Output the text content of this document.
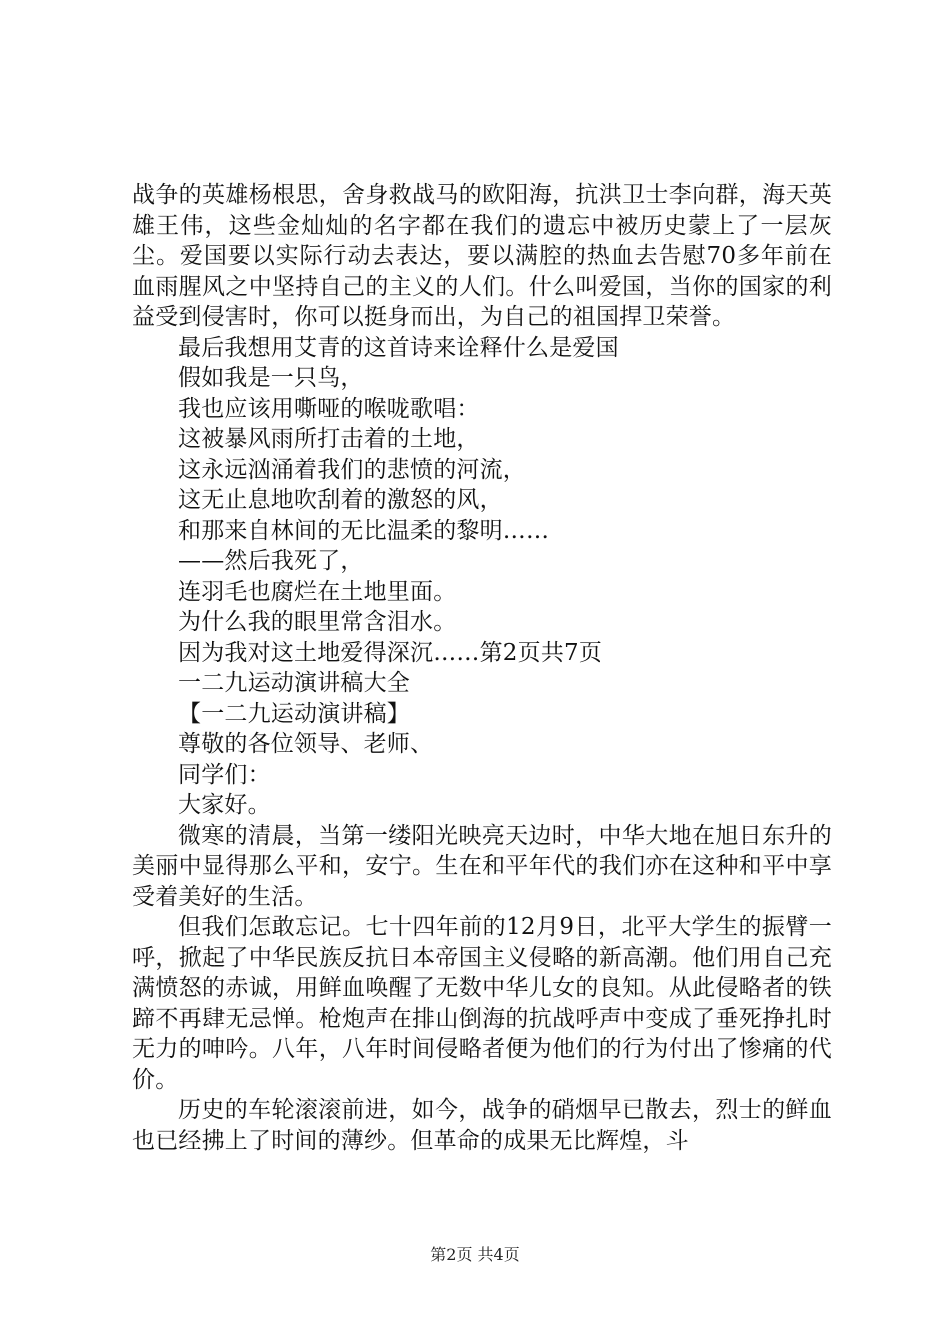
战争的英雄杨根思，舍身救战马的欧阳海，抗洪卫士李向群，海天英雄王伟，这些金灿灿的名字都在我们的遗忘中被历史蒙上了一层灰尘。爱国要以实际行动去表达，要以满腔的热血去告慰70多年前在血雨腥风之中坚持自己的主义的人们。什么叫爱国，当你的国家的利益受到侵害时，你可以挺身而出，为自己的祖国捍卫荣誉。

最后我想用艾青的这首诗来诠释什么是爱国

假如我是一只鸟，

我也应该用嘶哑的喉咙歌唱：

这被暴风雨所打击着的土地，

这永远汹涌着我们的悲愤的河流，

这无止息地吹刮着的激怒的风，

和那来自林间的无比温柔的黎明……

——然后我死了，

连羽毛也腐烂在土地里面。

为什么我的眼里常含泪水。

因为我对这土地爱得深沉……第2页共7页

一二九运动演讲稿大全

【一二九运动演讲稿】

尊敬的各位领导、老师、

同学们：

大家好。

微寒的清晨，当第一缕阳光映亮天边时，中华大地在旭日东升的美丽中显得那么平和，安宁。生在和平年代的我们亦在这种和平中享受着美好的生活。

但我们怎敢忘记。七十四年前的12月9日，北平大学生的振臂一呼，掀起了中华民族反抗日本帝国主义侵略的新高潮。他们用自己充满愤怒的赤诚，用鲜血唤醒了无数中华儿女的良知。从此侵略者的铁蹄不再肆无忌惮。枪炮声在排山倒海的抗战呼声中变成了垂死挣扎时无力的呻吟。八年，八年时间侵略者便为他们的行为付出了惨痛的代价。

历史的车轮滚滚前进，如今，战争的硝烟早已散去，烈士的鲜血也已经拂上了时间的薄纱。但革命的成果无比辉煌，斗

第2页 共4页
